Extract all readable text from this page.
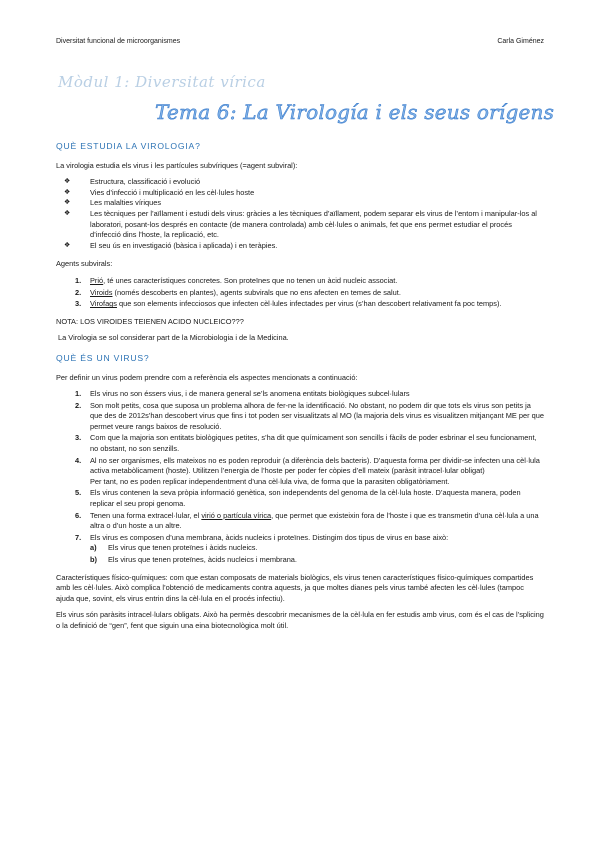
Diversitat funcional de microorganismes	Carla Giménez
Mòdul 1: Diversitat vírica
Tema 6: La Virología i els seus orígens
QUÈ ESTUDIA LA VIROLOGIA?

La virologia estudia els virus i les partícules subvíriques (=agent subviral):

❖	Estructura, classificació i evolució
❖	Vies d’infecció i multiplicació en les cèl·lules hoste
❖	Les malalties víriques
❖	Les tècniques per l’aïllament i estudi dels virus: gràcies a les tècniques d’aïllament, podem separar els virus de l’entorn i manipular-los al laboratori, posant-los després en contacte (de manera controlada) amb cèl·lules o animals, fet que ens permet estudiar el procés d’infecció dins l’hoste, la replicació, etc.
❖	El seu ús en investigació (bàsica i aplicada) i en teràpies.

Agents subvirals:

1. Prió, té unes característiques concretes. Son proteïnes que no tenen un àcid nucleic associat.
2. Viroids (només descoberts en plantes), agents subvirals que no ens afecten en temes de salut.
3. Virofags que son elements infecciosos que infecten cèl·lules infectades per virus (s’han descobert relativament fa poc temps).

NOTA: LOS VIROIDES TEIENEN ACIDO NUCLEICO???

La Virologia se sol considerar part de la Microbiologia i de la Medicina.

QUÈ ÉS UN VIRUS?

Per definir un virus podem prendre com a referència els aspectes mencionats a continuació:

1. Els virus no son éssers vius, i de manera general se’ls anomena entitats biològiques subcel·lulars
2. Son molt petits, cosa que suposa un problema alhora de fer-ne la identificació. No obstant, no podem dir que tots els virus son petits ja que des de 2012s’han descobert virus que fins i tot poden ser visualitzats al MO (la majoria dels virus es visualitzen mitjançant ME per que permet veure rangs baixos de resolució.
3. Com que la majoria son entitats biològiques petites, s’ha dit que químicament son sencills i fàcils de poder esbrinar el seu funcionament, no obstant, no son senzills.
4. Al no ser organismes, ells mateixos no es poden reproduir (a diferència dels bacteris). D’aquesta forma per dividir-se infecten una cèl·lula activa metabòlicament (hoste). Utilitzen l’energia de l’hoste per poder fer còpies d’ell mateix (paràsit intracel·lular obligat)
Per tant, no es poden replicar independentment d’una cèl·lula viva, de forma que la parasiten obligatòriament.
5. Els virus contenen la seva pròpia informació genètica, son independents del genoma de la cèl·lula hoste. D’aquesta manera, poden replicar el seu propi genoma.
6. Tenen una forma extracel·lular, el virió o partícula vírica, que permet que existeixin fora de l’hoste i que es transmetin d’una cèl·lula a una altra o d’un hoste a un altre.
7. Els virus es composen d’una membrana, àcids nucleics i proteïnes. Distingim dos tipus de virus en base això:
a) Els virus que tenen proteïnes i àcids nucleics.
b) Els virus que tenen proteïnes, àcids nucleics i membrana.

Característiques físico-químiques: com que estan composats de materials biològics, els virus tenen característiques físico-químiques compartides amb les cèl·lules. Això complica l’obtenció de medicaments contra aquests, ja que moltes dianes pels virus també afecten les cèl·lules (tampoc ajuda que, sovint, els virus entrin dins la cèl·lula en el procés infectiu).

Els virus són paràsits intracel·lulars obligats. Això ha permès descobrir mecanismes de la cèl·lula en fer estudis amb virus, com és el cas de l’splicing o la definició de “gen”, fent que siguin una eina biotecnològica molt útil.
